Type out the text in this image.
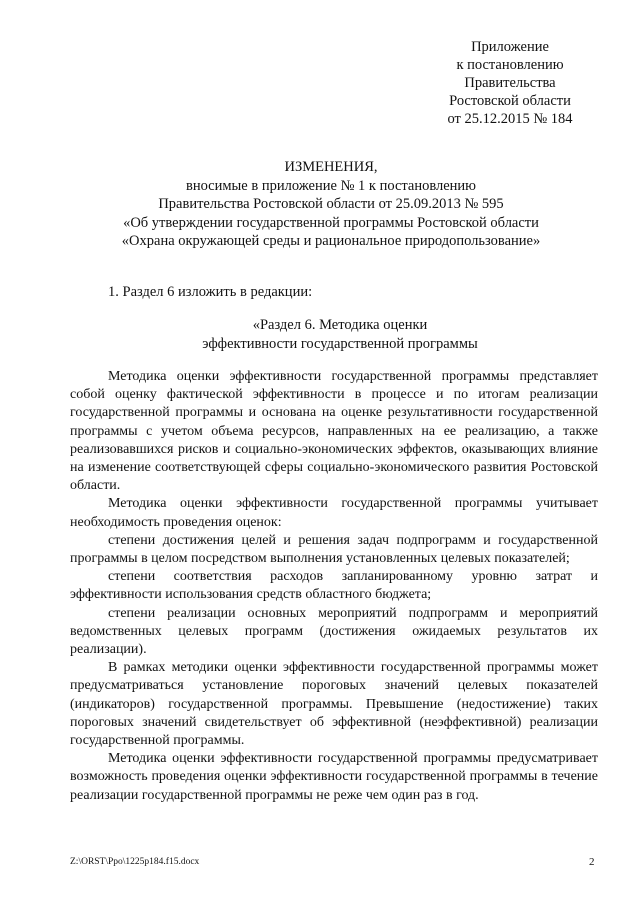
Приложение
к постановлению
Правительства
Ростовской области
от 25.12.2015 № 184
ИЗМЕНЕНИЯ,
вносимые в приложение № 1 к постановлению
Правительства Ростовской области от 25.09.2013 № 595
«Об утверждении государственной программы Ростовской области
«Охрана окружающей среды и рациональное природопользование»
1. Раздел 6 изложить в редакции:
«Раздел 6. Методика оценки
эффективности государственной программы

Методика оценки эффективности государственной программы представляет собой оценку фактической эффективности в процессе и по итогам реализации государственной программы и основана на оценке результативности государственной программы с учетом объема ресурсов, направленных на ее реализацию, а также реализовавшихся рисков и социально-экономических эффектов, оказывающих влияние на изменение соответствующей сферы социально-экономического развития Ростовской области.

Методика оценки эффективности государственной программы учитывает необходимость проведения оценок:

степени достижения целей и решения задач подпрограмм и государственной программы в целом посредством выполнения установленных целевых показателей;

степени соответствия расходов запланированному уровню затрат и эффективности использования средств областного бюджета;

степени реализации основных мероприятий подпрограмм и мероприятий ведомственных целевых программ (достижения ожидаемых результатов их реализации).

В рамках методики оценки эффективности государственной программы может предусматриваться установление пороговых значений целевых показателей (индикаторов) государственной программы. Превышение (недостижение) таких пороговых значений свидетельствует об эффективной (неэффективной) реализации государственной программы.

Методика оценки эффективности государственной программы предусматривает возможность проведения оценки эффективности государственной программы в течение реализации государственной программы не реже чем один раз в год.

Z:\ORST\Ppo\1225p184.f15.docx	2
